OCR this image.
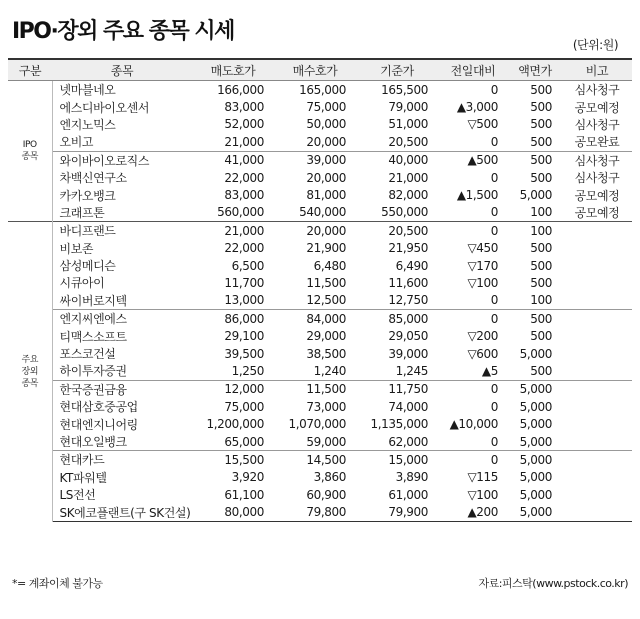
IPO·장외 주요 종목 시세
(단위:원)
구분	종목	매도호가	매수호가	기준가	전일대비	액면가	비고
IPO
종목	넷마블네오	166,000	165,000	165,500	0	500	심사청구
	에스디바이오센서	83,000	75,000	79,000	▲3,000	500	공모예정
	엔지노믹스	52,000	50,000	51,000	▽500	500	심사청구
	오비고	21,000	20,000	20,500	0	500	공모완료
	와이바이오로직스	41,000	39,000	40,000	▲500	500	심사청구
	차백신연구소	22,000	20,000	21,000	0	500	심사청구
	카카오뱅크	83,000	81,000	82,000	▲1,500	5,000	공모예정
	크래프톤	560,000	540,000	550,000	0	100	공모예정
주요
장외
종목	바디프랜드	21,000	20,000	20,500	0	100	
	비보존	22,000	21,900	21,950	▽450	500	
	삼성메디슨	6,500	6,480	6,490	▽170	500	
	시큐아이	11,700	11,500	11,600	▽100	500	
	싸이버로지텍	13,000	12,500	12,750	0	100	
	엔지씨엔에스	86,000	84,000	85,000	0	500	
	티맥스소프트	29,100	29,000	29,050	▽200	500	
	포스코건설	39,500	38,500	39,000	▽600	5,000	
	하이투자증권	1,250	1,240	1,245	▲5	500	
	한국증권금융	12,000	11,500	11,750	0	5,000	
	현대삼호중공업	75,000	73,000	74,000	0	5,000	
	현대엔지니어링	1,200,000	1,070,000	1,135,000	▲10,000	5,000	
	현대오일뱅크	65,000	59,000	62,000	0	5,000	
	현대카드	15,500	14,500	15,000	0	5,000	
	KT파워텔	3,920	3,860	3,890	▽115	5,000	
	LS전선	61,100	60,900	61,000	▽100	5,000	
	SK에코플랜트(구 SK건설)	80,000	79,800	79,900	▲200	5,000	
*= 계좌이체 불가능	자료:피스탁(www.pstock.co.kr)
